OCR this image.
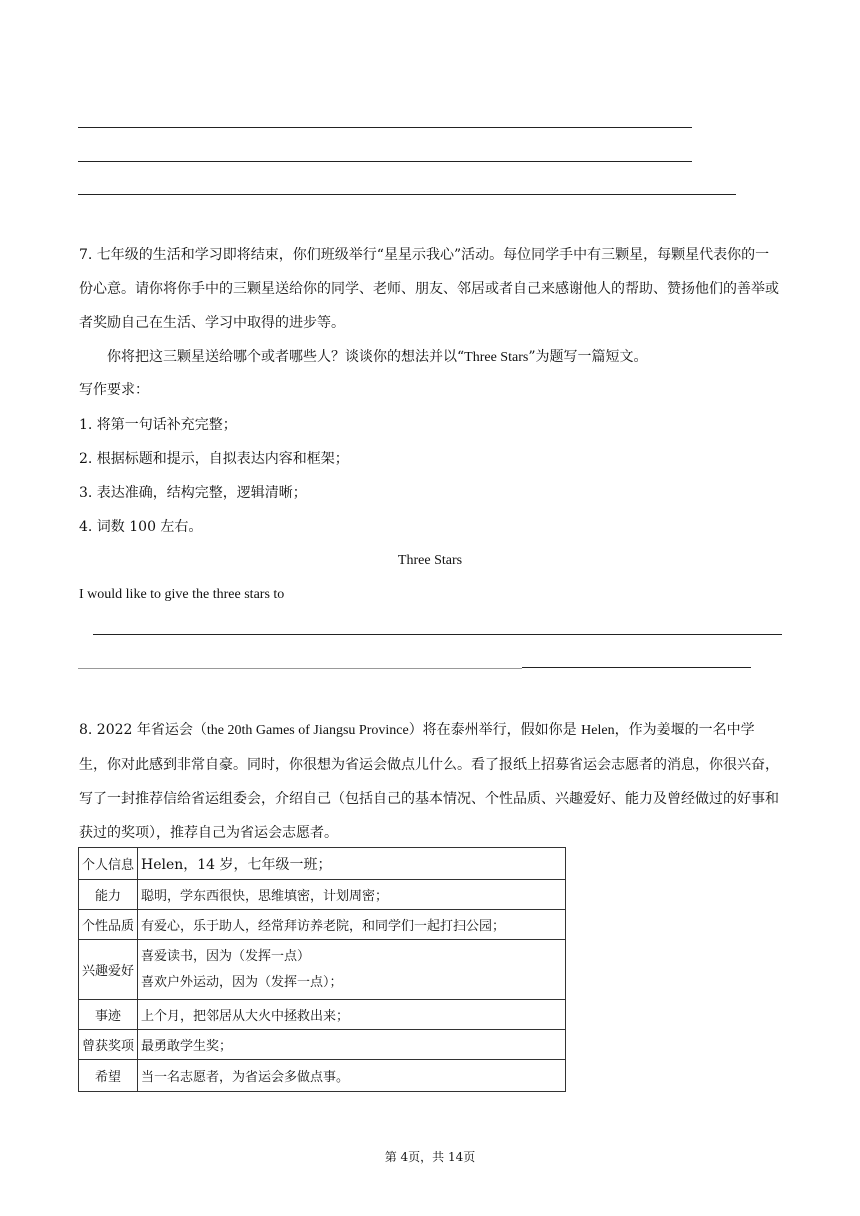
7. 七年级的生活和学习即将结束，你们班级举行“星星示我心”活动。每位同学手中有三颗星，每颗星代表你的一份心意。请你将你手中的三颗星送给你的同学、老师、朋友、邻居或者自己来感谢他人的帮助、赞扬他们的善举或者奖励自己在生活、学习中取得的进步等。

你将把这三颗星送给哪个或者哪些人？谈谈你的想法并以“Three Stars”为题写一篇短文。

写作要求：

1. 将第一句话补充完整；

2. 根据标题和提示，自拟表达内容和框架；

3. 表达准确，结构完整，逻辑清晰；

4. 词数 100 左右。

Three Stars

I would like to give the three stars to

8. 2022 年省运会（the 20th Games of Jiangsu Province）将在泰州举行，假如你是 Helen，作为姜堰的一名中学生，你对此感到非常自豪。同时，你很想为省运会做点儿什么。看了报纸上招募省运会志愿者的消息，你很兴奋，写了一封推荐信给省运组委会，介绍自己（包括自己的基本情况、个性品质、兴趣爱好、能力及曾经做过的好事和获过的奖项），推荐自己为省运会志愿者。

个人信息	Helen，14 岁，七年级一班；
能力	聪明，学东西很快，思维填密，计划周密；
个性品质	有爱心，乐于助人，经常拜访养老院，和同学们一起打扫公园；
兴趣爱好	喜爱读书，因为（发挥一点）
喜欢户外运动，因为（发挥一点）；

事迹	上个月，把邻居从大火中拯救出来；
曾获奖项	最勇敢学生奖；
希望	当一名志愿者，为省运会多做点事。
第 4页，共 14页
